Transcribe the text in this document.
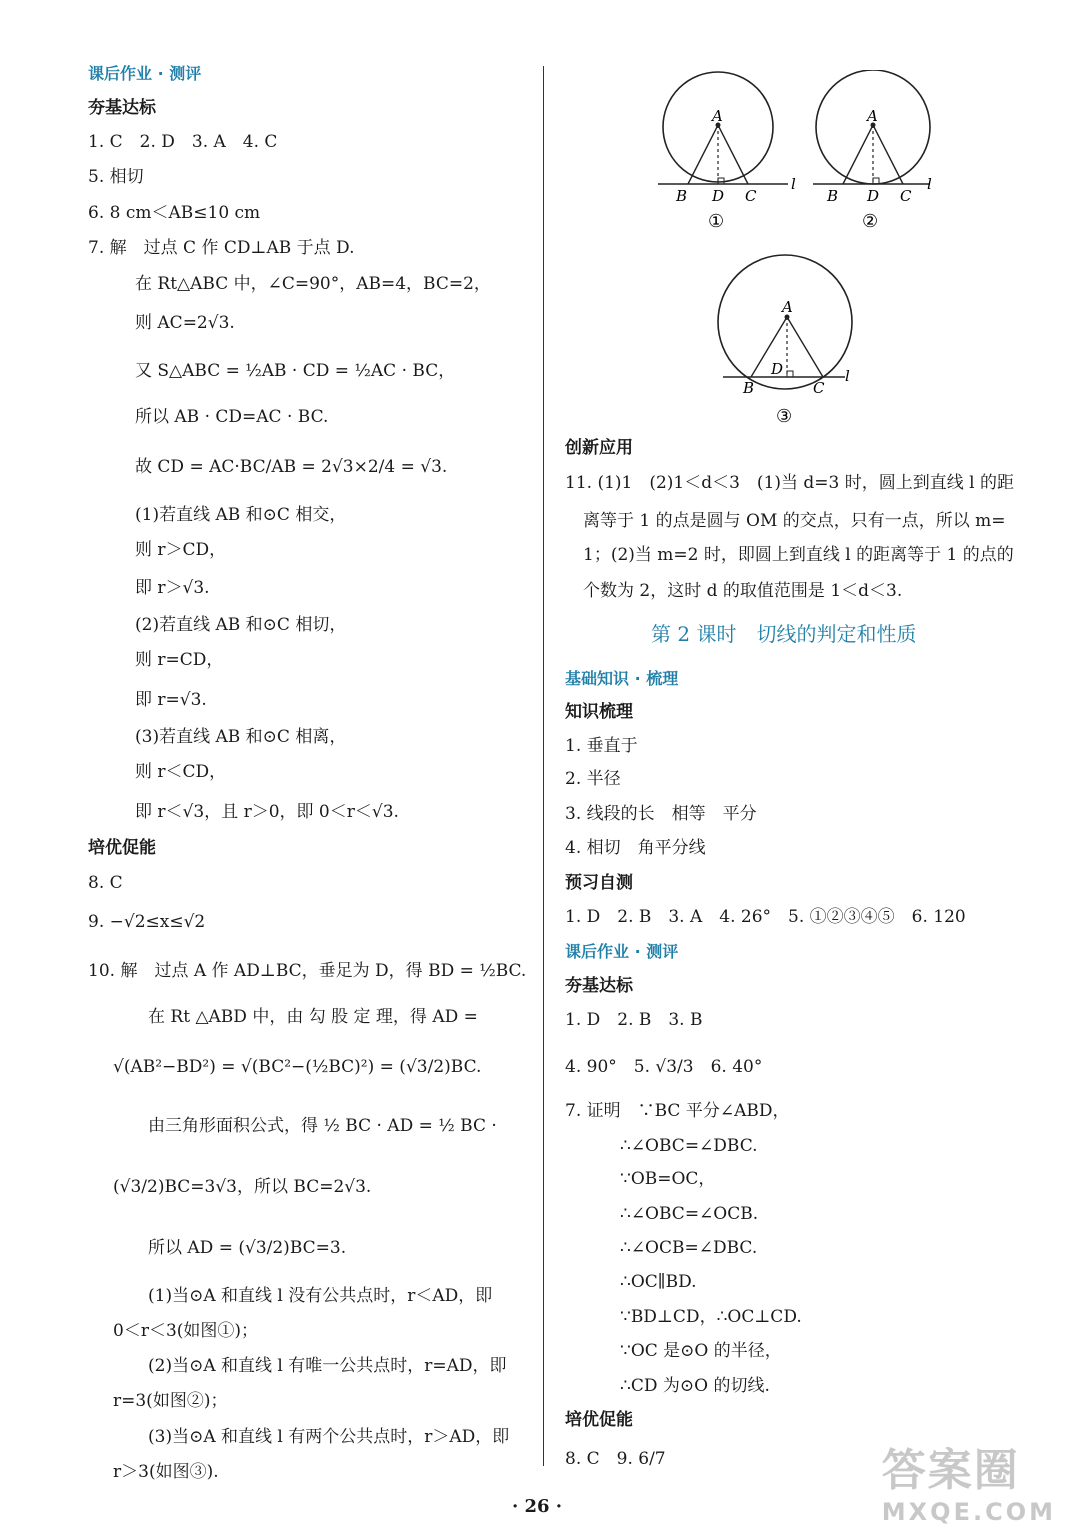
课后作业 · 测评
夯基达标
1. C　2. D　3. A　4. C
5. 相切
6. 8 cm＜AB≤10 cm
7. 解　过点 C 作 CD⊥AB 于点 D.
在 Rt△ABC 中，∠C=90°，AB=4，BC=2，
则 AC=2√3.
又 S△ABC = ½AB · CD = ½AC · BC，
所以 AB · CD=AC · BC.
故 CD = AC·BC/AB = 2√3×2/4 = √3.
(1)若直线 AB 和⊙C 相交，
则 r＞CD，
即 r＞√3.
(2)若直线 AB 和⊙C 相切，
则 r=CD，
即 r=√3.
(3)若直线 AB 和⊙C 相离，
则 r＜CD，
即 r＜√3，且 r＞0，即 0＜r＜√3.
培优促能
8. C
9. −√2≤x≤√2
10. 解　过点 A 作 AD⊥BC，垂足为 D，得 BD = ½BC.
在 Rt △ABD 中，由 勾 股 定 理，得 AD =
√(AB²−BD²) = √(BC²−(½BC)²) = (√3/2)BC.
由三角形面积公式，得 ½ BC · AD = ½ BC ·
(√3/2)BC=3√3，所以 BC=2√3.
所以 AD = (√3/2)BC=3.
(1)当⊙A 和直线 l 没有公共点时，r＜AD，即
0＜r＜3(如图①)；
(2)当⊙A 和直线 l 有唯一公共点时，r=AD，即
r=3(如图②)；
(3)当⊙A 和直线 l 有两个公共点时，r＞AD，即
r＞3(如图③).
A
B D C
l
①
A
B D C
l
②
A
D
B	C
l
③
创新应用
11. (1)1　(2)1＜d＜3　(1)当 d=3 时，圆上到直线 l 的距
离等于 1 的点是圆与 OM 的交点，只有一点，所以 m=
1；(2)当 m=2 时，即圆上到直线 l 的距离等于 1 的点的
个数为 2，这时 d 的取值范围是 1＜d＜3.
第 2 课时　切线的判定和性质
基础知识 · 梳理
知识梳理
1. 垂直于
2. 半径
3. 线段的长　相等　平分
4. 相切　角平分线
预习自测
1. D　2. B　3. A　4. 26°　5. ①②③④⑤　6. 120
课后作业 · 测评
夯基达标
1. D　2. B　3. B
4. 90°　5. √3/3　6. 40°
7. 证明　∵BC 平分∠ABD，
∴∠OBC=∠DBC.
∵OB=OC，
∴∠OBC=∠OCB.
∴∠OCB=∠DBC.
∴OC∥BD.
∵BD⊥CD，∴OC⊥CD.
∵OC 是⊙O 的半径，
∴CD 为⊙O 的切线.
培优促能
8. C　9. 6/7
· 26 ·
答案圈
MXQE.COM
